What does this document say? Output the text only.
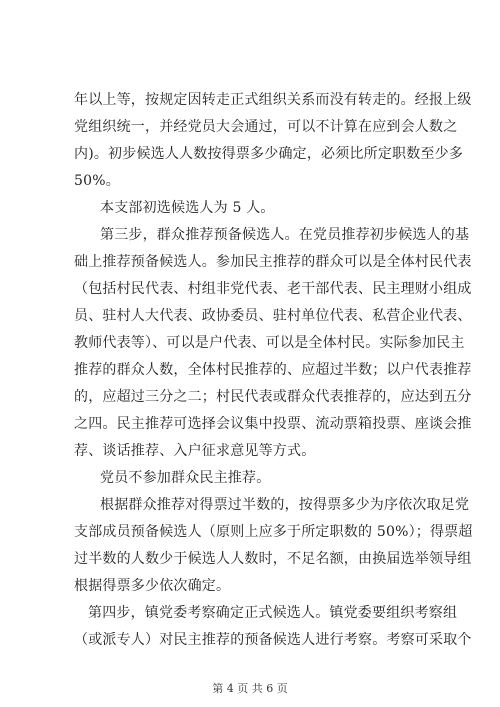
年以上等，按规定因转走正式组织关系而没有转走的。经报上级
党组织统一，并经党员大会通过，可以不计算在应到会人数之
内)。初步候选人人数按得票多少确定，必须比所定职数至少多
50%。
本支部初选候选人为 5 人。
第三步，群众推荐预备候选人。在党员推荐初步候选人的基
础上推荐预备候选人。参加民主推荐的群众可以是全体村民代表
（包括村民代表、村组非党代表、老干部代表、民主理财小组成
员、驻村人大代表、政协委员、驻村单位代表、私营企业代表、
教师代表等）、可以是户代表、可以是全体村民。实际参加民主
推荐的群众人数，全体村民推荐的、应超过半数；以户代表推荐
的，应超过三分之二；村民代表或群众代表推荐的，应达到五分
之四。民主推荐可选择会议集中投票、流动票箱投票、座谈会推
荐、谈话推荐、入户征求意见等方式。
党员不参加群众民主推荐。
根据群众推荐对得票过半数的，按得票多少为序依次取足党
支部成员预备候选人（原则上应多于所定职数的 50%）；得票超
过半数的人数少于候选人人数时，不足名额，由换届选举领导组
根据得票多少依次确定。
第四步，镇党委考察确定正式候选人。镇党委要组织考察组
（或派专人）对民主推荐的预备候选人进行考察。考察可采取个
第 4 页 共 6 页
